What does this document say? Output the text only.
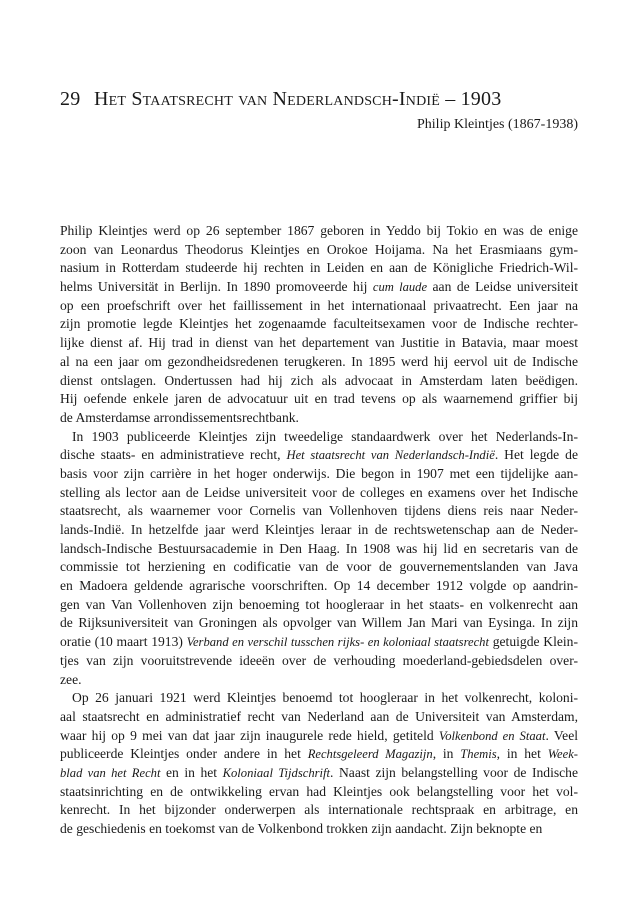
29 Het Staatsrecht van Nederlandsch-Indië – 1903
Philip Kleintjes (1867-1938)
Philip Kleintjes werd op 26 september 1867 geboren in Yeddo bij Tokio en was de enige
zoon van Leonardus Theodorus Kleintjes en Orokoe Hoijama. Na het Erasmiaans gym-
nasium in Rotterdam studeerde hij rechten in Leiden en aan de Königliche Friedrich-Wil-
helms Universität in Berlijn. In 1890 promoveerde hij cum laude aan de Leidse universiteit
op een proefschrift over het faillissement in het internationaal privaatrecht. Een jaar na
zijn promotie legde Kleintjes het zogenaamde faculteitsexamen voor de Indische rechter-
lijke dienst af. Hij trad in dienst van het departement van Justitie in Batavia, maar moest
al na een jaar om gezondheidsredenen terugkeren. In 1895 werd hij eervol uit de Indische
dienst ontslagen. Ondertussen had hij zich als advocaat in Amsterdam laten beëdigen.
Hij oefende enkele jaren de advocatuur uit en trad tevens op als waarnemend griffier bij
de Amsterdamse arrondissementsrechtbank.
In 1903 publiceerde Kleintjes zijn tweedelige standaardwerk over het Nederlands-In-
dische staats- en administratieve recht, Het staatsrecht van Nederlandsch-Indië. Het legde de
basis voor zijn carrière in het hoger onderwijs. Die begon in 1907 met een tijdelijke aan-
stelling als lector aan de Leidse universiteit voor de colleges en examens over het Indische
staatsrecht, als waarnemer voor Cornelis van Vollenhoven tijdens diens reis naar Neder-
lands-Indië. In hetzelfde jaar werd Kleintjes leraar in de rechtswetenschap aan de Neder-
landsch-Indische Bestuursacademie in Den Haag. In 1908 was hij lid en secretaris van de
commissie tot herziening en codificatie van de voor de gouvernementslanden van Java
en Madoera geldende agrarische voorschriften. Op 14 december 1912 volgde op aandrin-
gen van Van Vollenhoven zijn benoeming tot hoogleraar in het staats- en volkenrecht aan
de Rijksuniversiteit van Groningen als opvolger van Willem Jan Mari van Eysinga. In zijn
oratie (10 maart 1913) Verband en verschil tusschen rijks- en koloniaal staatsrecht getuigde Klein-
tjes van zijn vooruitstrevende ideeën over de verhouding moederland-gebiedsdelen over-
zee.
Op 26 januari 1921 werd Kleintjes benoemd tot hoogleraar in het volkenrecht, koloni-
aal staatsrecht en administratief recht van Nederland aan de Universiteit van Amsterdam,
waar hij op 9 mei van dat jaar zijn inaugurele rede hield, getiteld Volkenbond en Staat. Veel
publiceerde Kleintjes onder andere in het Rechtsgeleerd Magazijn, in Themis, in het Week-
blad van het Recht en in het Koloniaal Tijdschrift. Naast zijn belangstelling voor de Indische
staatsinrichting en de ontwikkeling ervan had Kleintjes ook belangstelling voor het vol-
kenrecht. In het bijzonder onderwerpen als internationale rechtspraak en arbitrage, en
de geschiedenis en toekomst van de Volkenbond trokken zijn aandacht. Zijn beknopte en
